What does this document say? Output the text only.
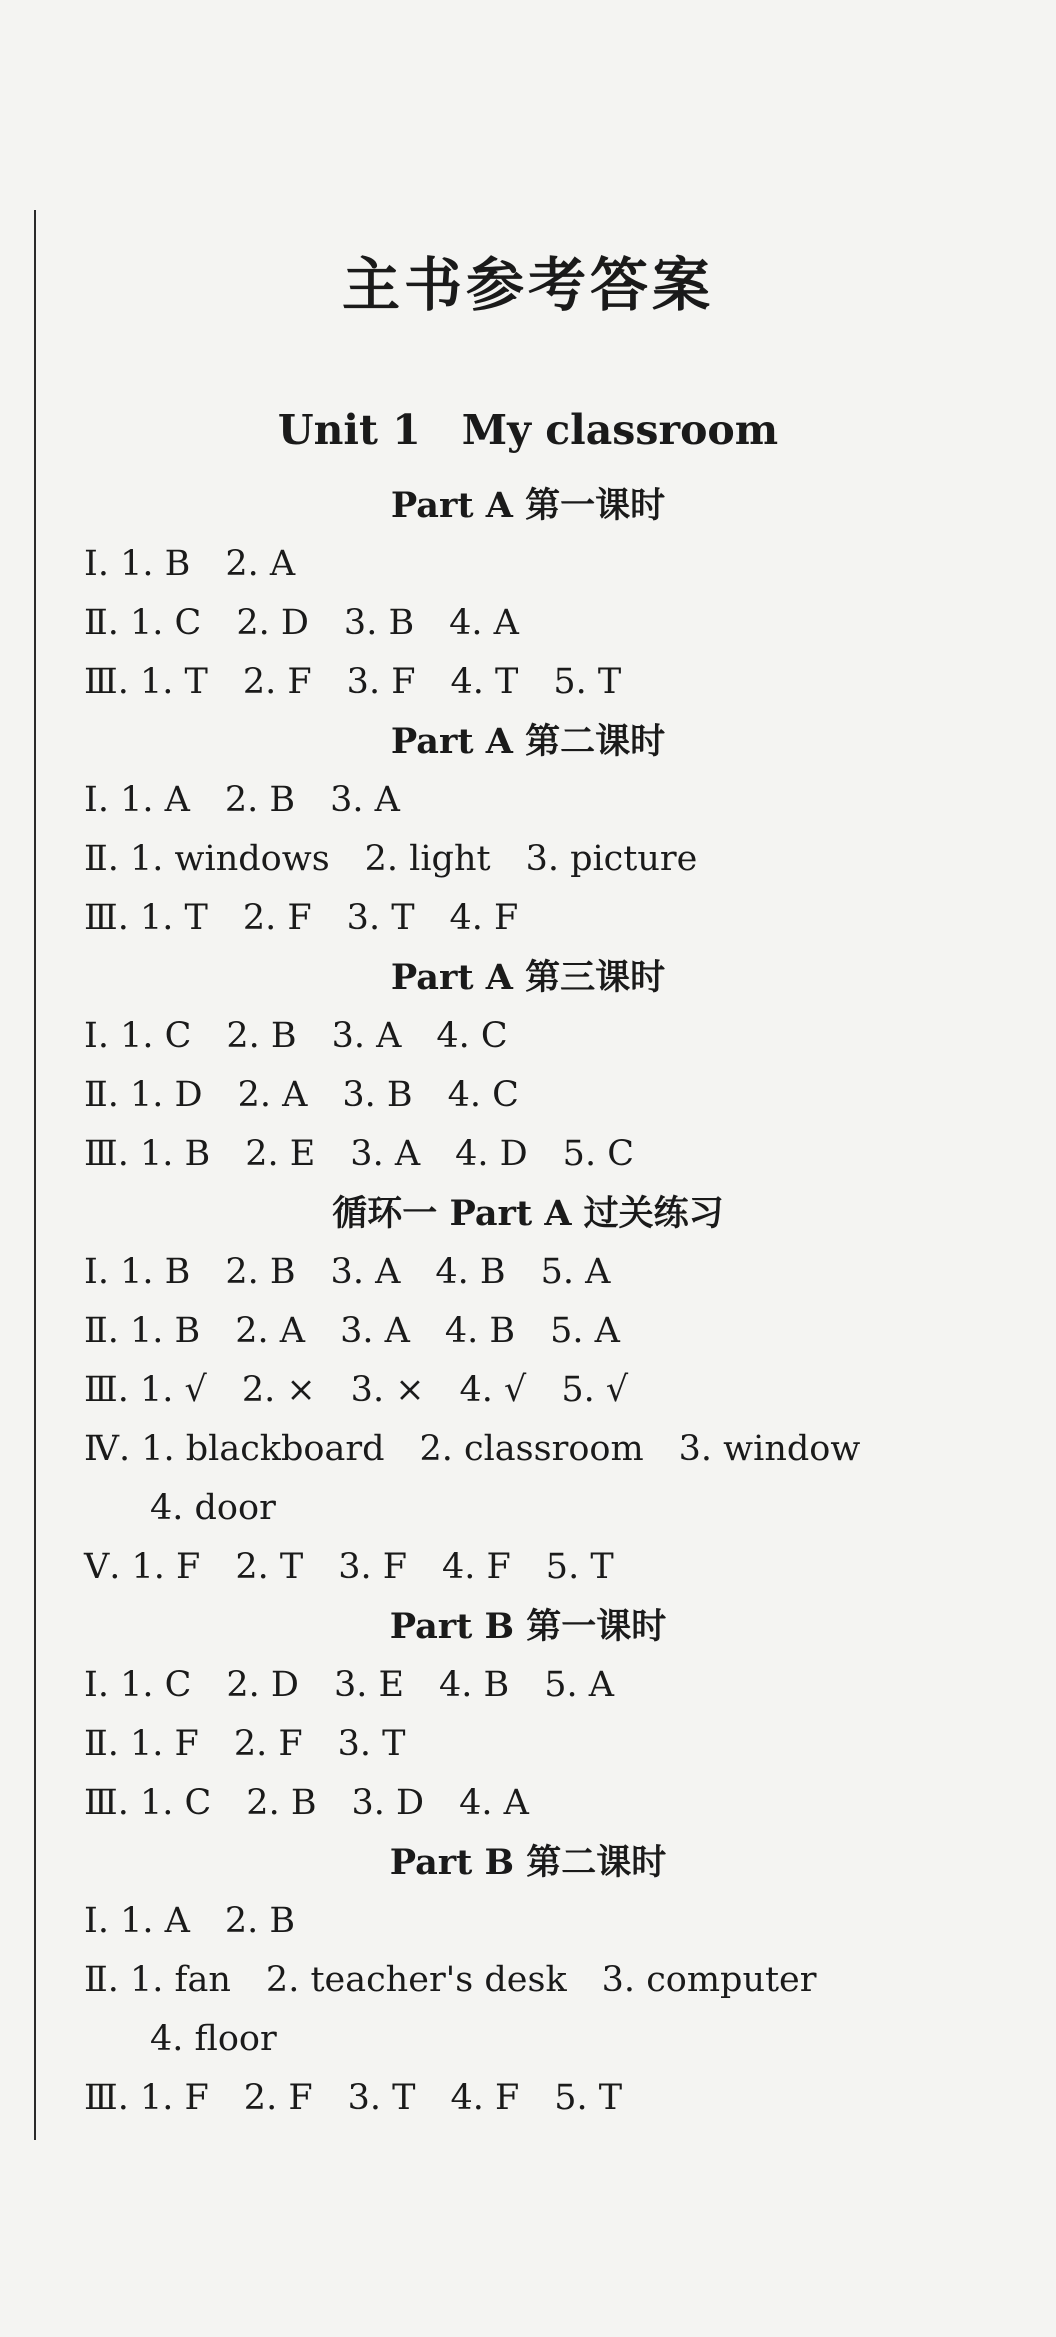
主书参考答案
Unit 1　My classroom
Part A 第一课时
Ⅰ. 1. B　2. A
Ⅱ. 1. C　2. D　3. B　4. A
Ⅲ. 1. T　2. F　3. F　4. T　5. T
Part A 第二课时
Ⅰ. 1. A　2. B　3. A
Ⅱ. 1. windows　2. light　3. picture
Ⅲ. 1. T　2. F　3. T　4. F
Part A 第三课时
Ⅰ. 1. C　2. B　3. A　4. C
Ⅱ. 1. D　2. A　3. B　4. C
Ⅲ. 1. B　2. E　3. A　4. D　5. C
循环一 Part A 过关练习
Ⅰ. 1. B　2. B　3. A　4. B　5. A
Ⅱ. 1. B　2. A　3. A　4. B　5. A
Ⅲ. 1. √　2. ×　3. ×　4. √　5. √
Ⅳ. 1. blackboard　2. classroom　3. window
4. door
Ⅴ. 1. F　2. T　3. F　4. F　5. T
Part B 第一课时
Ⅰ. 1. C　2. D　3. E　4. B　5. A
Ⅱ. 1. F　2. F　3. T
Ⅲ. 1. C　2. B　3. D　4. A
Part B 第二课时
Ⅰ. 1. A　2. B
Ⅱ. 1. fan　2. teacher's desk　3. computer
4. floor
Ⅲ. 1. F　2. F　3. T　4. F　5. T
